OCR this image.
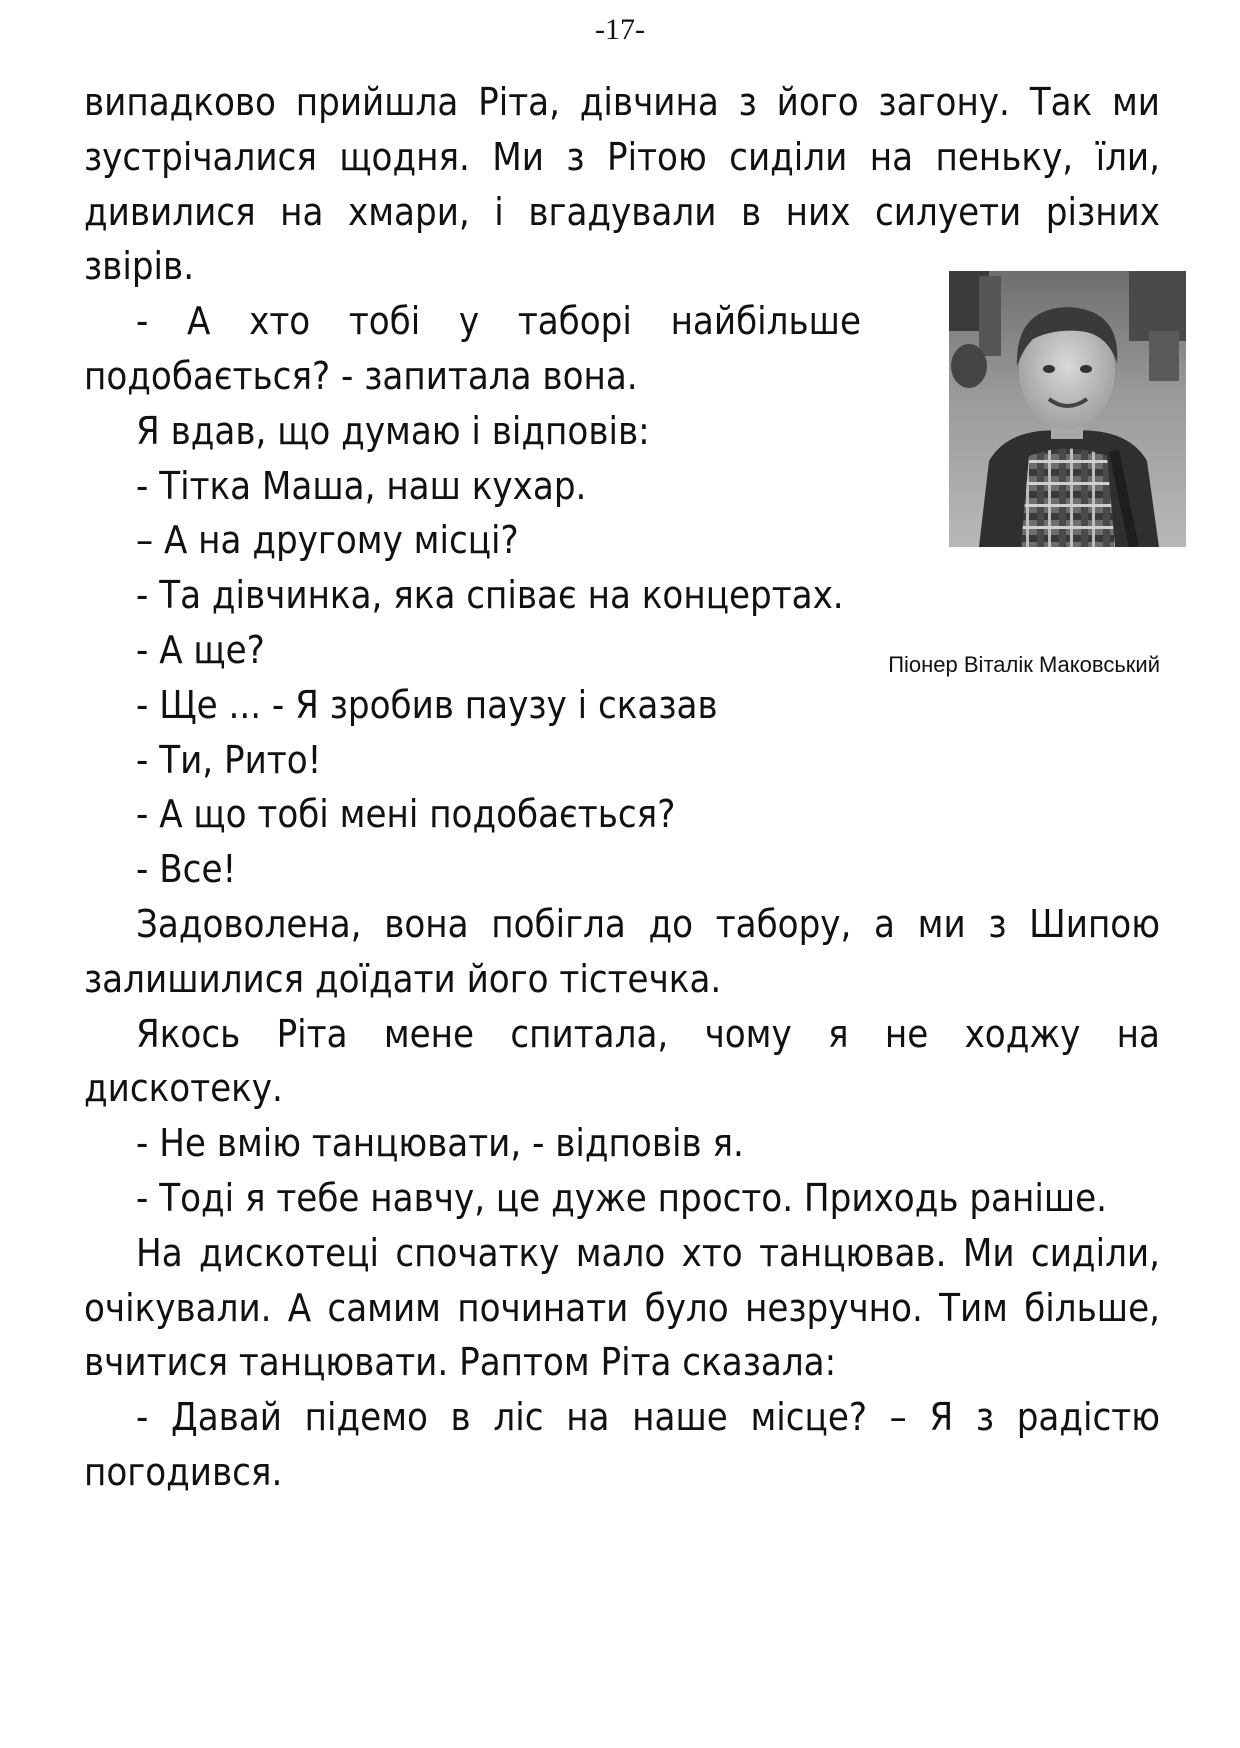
-17-
Піонер Віталік Маковський

випадково прийшла Ріта, дівчина з його загону. Так ми зустрічалися щодня. Ми з Рітою сиділи на пеньку, їли, дивилися на хмари, і вгадували в них силуети різних звірів.

- А хто тобі у таборі найбільше подобається? - запитала вона.

Я вдав, що думаю і відповів:

- Тітка Маша, наш кухар.

– А на другому місці?

- Та дівчинка, яка співає на концертах.

- А ще?

- Ще ... - Я зробив паузу і сказав

- Ти, Рито!

- А що тобі мені подобається?

- Все!

Задоволена, вона побігла до табору, а ми з Шипою залишилися доїдати його тістечка.

Якось Ріта мене спитала, чому я не ходжу на дискотеку.

- Не вмію танцювати, - відповів я.

- Тоді я тебе навчу, це дуже просто. Приходь раніше.

На дискотеці спочатку мало хто танцював. Ми сиділи, очікували. А самим починати було незручно. Тим більше, вчитися танцювати. Раптом Ріта сказала:

- Давай підемо в ліс на наше місце? – Я з радістю погодився.
